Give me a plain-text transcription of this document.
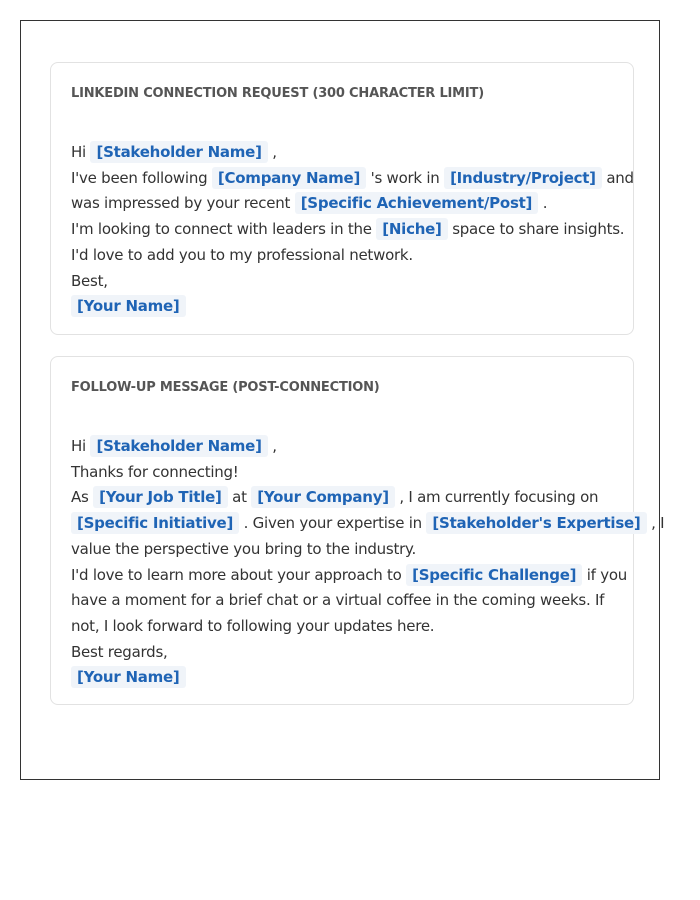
LINKEDIN CONNECTION REQUEST (300 CHARACTER LIMIT)

Hi [Stakeholder Name] ,

I've been following [Company Name] 's work in [Industry/Project] and

was impressed by your recent [Specific Achievement/Post] .

I'm looking to connect with leaders in the [Niche] space to share insights.

I'd love to add you to my professional network.

Best,

[Your Name]

FOLLOW-UP MESSAGE (POST-CONNECTION)

Hi [Stakeholder Name] ,

Thanks for connecting!

As [Your Job Title] at [Your Company] , I am currently focusing on

[Specific Initiative] . Given your expertise in [Stakeholder's Expertise] , I

value the perspective you bring to the industry.

I'd love to learn more about your approach to [Specific Challenge] if you

have a moment for a brief chat or a virtual coffee in the coming weeks. If

not, I look forward to following your updates here.

Best regards,

[Your Name]
